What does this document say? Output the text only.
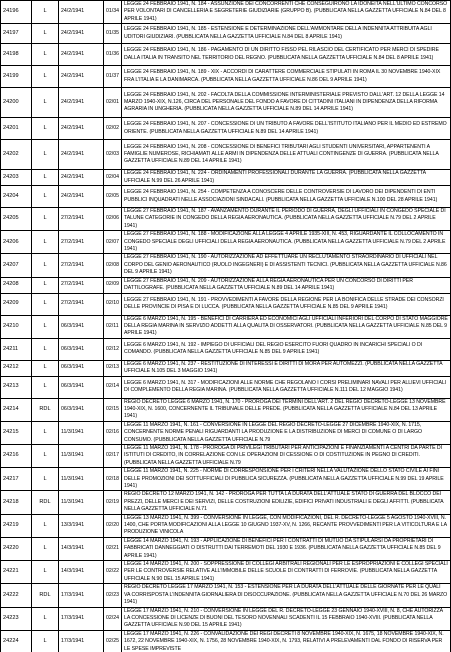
24196	L	24/2/1941	01/34	LEGGE 24 FEBBRAIO 1941, N. 184 - ASSUNZIONE DEI CONCORRENTI CHE CONSEGUIRONO LA IDONEITA NELL'ULTIMO CONCORSO PER VOLONTARI DI CANCELLERIA E SEGRETERIE GIUDIZIARIE (GRUPPO B). (PUBBLICATA NELLA GAZZETTA UFFICIALE N.84 DEL 8 APRILE 1941)
24197	L	24/2/1941	01/35	LEGGE 24 FEBBRAIO 1941, N. 185 - ESTENSIONE E DETERMINAZIONE DELL'AMMONTARE DELLA INDENNITA ATTRIBUITA AGLI UDITORI GIUDIZIARI. (PUBBLICATA NELLA GAZZETTA UFFICIALE N.84 DEL 8 APRILE 1941)
24198	L	24/2/1941	01/36	LEGGE 24 FEBBRAIO 1941, N. 186 - PAGAMENTO DI UN DIRITTO FISSO PEL RILASCIO DEL CERTIFICATO PER MERCI DI SPEDIRE DALLA ITALIA IN TRANSITO NEL TERRITORIO DEL REGNO. (PUBBLICATA NELLA GAZZETTA UFFICIALE N.84 DEL 8 APRILE 1941)
24199	L	24/2/1941	01/37	LEGGE 24 FEBBRAIO 1941, N. 189 - XIX - ACCORDI DI CARATTERE COMMERCIALE STIPULATI IN ROMA IL 30 NOVEMBRE 1940-XIX FRA L'ITALIA E LA DANIMARCA. (PUBBLICATA NELLA GAZZETTA UFFICIALE N.86 DEL 9 APRILE 1941)
24200	L	24/2/1941	02/01	LEGGE 24 FEBBRAIO 1941, N. 202 - FACOLTA DELLA COMMISSIONE INTERMINISTERIALE PREVISTO DALL'ART. 12 DELLA LEGGE 14 MARZO 1940-XIX, N.126, CIRCA DEL PERSONALE DEL FONDO A FAVORE DI CITTADINI ITALIANI IN DIPENDENZA DELLA RIFORMA AGRARIA IN UNGHERIA. (PUBBLICATA NELLA GAZZETTA UFFICIALE N.89 DEL 14 APRILE 1941)
24201	L	24/2/1941	02/02	LEGGE 24 FEBBRAIO 1941, N. 207 - CONCESSIONE DI UN TRIBUTO A FAVORE DELL'ISTITUTO ITALIANO PER IL MEDIO ED ESTREMO ORIENTE. (PUBBLICATA NELLA GAZZETTA UFFICIALE N.89 DEL 14 APRILE 1941)
24202	L	24/2/1941	02/03	LEGGE 24 FEBBRAIO 1941, N. 208 - CONCESSIONE DI BENEFICI TRIBUTARI AGLI STUDENTI UNIVERSITARI, APPARTENENTI A FAMIGLIE NUMEROSE, RICHIAMATI ALLE ARMI IN DIPENDENZA DELLE ATTUALI CONTINGENZE DI GUERRA. (PUBBLICATA NELLA GAZZETTA UFFICIALE N.89 DEL 14 APRILE 1941)
24203	L	24/2/1941	02/04	LEGGE 24 FEBBRAIO 1941, N. 224 - ORDINAMENTI PROFESSIONALI DURANTE LA GUERRA. (PUBBLICATA NELLA GAZZETTA UFFICIALE N.99 DEL 26 APRILE 1941)
24204	L	24/2/1941	02/05	LEGGE 24 FEBBRAIO 1941, N. 254 - COMPETENZA A CONOSCERE DELLE CONTROVERSIE DI LAVORO DEI DIPENDENTI DI ENTI PUBBLICI INQUADRATI NELLE ASSOCIAZIONI SINDACALI. (PUBBLICATA NELLA GAZZETTA UFFICIALE N.100 DEL 28 APRILE 1941)
24205	L	27/2/1941	02/06	LEGGE 27 FEBBRAIO 1941, N. 187 - AVANZAMENTO DURANTE IL PERIODO DI GUERRA, DEGLI UFFICIALI IN CONGEDO SPECIALE DI TALUNE CATEGORIE IN CONGEDO DELLA REGIA AERONAUTICA. (PUBBLICATA NELLA GAZZETTA UFFICIALE N.79 DEL 2 APRILE 1941)
24206	L	27/2/1941	02/07	LEGGE 27 FEBBRAIO 1941, N. 188 - MODIFICAZIONE ALLA LEGGE 4 APRILE 1935-XIII, N. 453, RIGUARDANTE IL COLLOCAMENTO IN CONGEDO SPECIALE DEGLI UFFICIALI DELLA REGIA AERONAUTICA. (PUBBLICATA NELLA GAZZETTA UFFICIALE N.79 DEL 2 APRILE 1941)
24207	L	27/2/1941	02/08	LEGGE 27 FEBBRAIO 1941, N. 190 - AUTORIZZAZIONE AD EFFETTUARE UN RECLUTAMENTO STRAORDINARIO DI UFFICIALI NEL CORPO DEL GENIO AERONAUTICO (RUOLO INGEGNERI) E DI ASSISTENTI TECNICI. (PUBBLICATA NELLA GAZZETTA UFFICIALE N.86 DEL 9 APRILE 1941)
24208	L	27/2/1941	02/09	LEGGE 27 FEBBRAIO 1941, N. 209 - AUTORIZZAZIONE ALLA REGIA AERONAUTICA PER UN CONCORSO DI DIRITTI PER DATTILOGRAFE. (PUBBLICATA NELLA GAZZETTA UFFICIALE N.89 DEL 14 APRILE 1941)
24209	L	27/2/1941	02/10	LEGGE 27 FEBBRAIO 1941, N. 191 - PROVVEDIMENTI A FAVORE DELLA REGIONE PER LA BONIFICA DELLE STRADE DEI CONSORZI DELLE PROVINCIE DI PISA E DI LUCCA. (PUBBLICATA NELLA GAZZETTA UFFICIALE N.85 DEL 9 APRILE 1941)
24210	L	06/3/1941	02/11	LEGGE 6 MARZO 1941, N. 195 - BENEFICI DI CARRIERA ED ECONOMICI AGLI UFFICIALI INFERIORI DEL CORPO DI STATO MAGGIORE DELLA REGIA MARINA IN SERVIZIO ADDETTI ALLA QUALITA DI OSSERVATORI. (PUBBLICATA NELLA GAZZETTA UFFICIALE N.85 DEL 9 APRILE 1941)
24211	L	06/3/1941	02/12	LEGGE 6 MARZO 1941, N. 192 - IMPIEGO DI UFFICIALI DEL REGIO ESERCITO FUORI QUADRO IN INCARICHI SPECIALI O DI COMANDO. (PUBBLICATA NELLA GAZZETTA UFFICIALE N.85 DEL 9 APRILE 1941)
24212	L	06/3/1941	02/13	LEGGE 6 MARZO 1941, N. 237 - RESTITUZIONE DI INTERESSI E DIRITTI DI MORA PER AUTOMEZZI. (PUBBLICATA NELLA GAZZETTA UFFICIALE N.105 DEL 3 MAGGIO 1941)
24213	L	06/3/1941	02/14	LEGGE 6 MARZO 1941, N. 317 - MODIFICAZIONI ALLE NORME CHE REGOLANO I CORSI PRELIMINARI NAVALI PER ALLIEVI UFFICIALI DI COMPLEMENTO DELLA REGIA MARINA. (PUBBLICATA NELLA GAZZETTA UFFICIALE N.111 DEL 12 MAGGIO 1941)
24214	RDL	06/3/1941	02/15	REGIO DECRETO LEGGE 6 MARZO 1941, N. 170 - PROROGA DEI TERMINI DELL'ART. 2 DEL REGIO DECRETO-LEGGE 13 NOVEMBRE 1940-XIX, N. 1600, CONCERNENTE IL TRIBUNALE DELLE PREDE. (PUBBLICATA NELLA GAZZETTA UFFICIALE N.84 DEL 13 APRILE 1941)
24215	L	11/3/1941	02/16	LEGGE 11 MARZO 1941, N. 161 - CONVERSIONE IN LEGGE DEL REGIO DECRETO-LEGGE 27 DICEMBRE 1940-XIX, N. 1715, CONCERNENTE NORME PENALI RIGUARDANTI LA PRODUZIONE E LA DISTRIBUZIONE DI MERCI DI COMUNE O DI LARGO CONSUMO. (PUBBLICATA NELLA GAZZETTA UFFICIALE N.79
24216	L	11/3/1941	02/17	LEGGE 11 MARZO 1941, N. 178 - PROROGA DI PRIVILEGI TRIBUTARI PER ANTICIPAZIONI E FINANZIAMENTI A CENTRI DA PARTE DI ISTITUTI DI CREDITO, IN CORRELAZIONE CON LE OPERAZIONI DI CESSIONE O DI COSTITUZIONE IN PEGNO DI CREDITI. (PUBBLICATA NELLA GAZZETTA UFFICIALE N.79
24217	L	11/3/1941	02/18	LEGGE 11 MARZO 1941, N. 225 - NORME DI CORRESPONSIONE PER I CRITERI NELLA VALUTAZIONE DELLO STATO CIVILE AI FINI DELLE PROMOZIONI DEI SOTTUFFICIALI DI PUBBLICA SICUREZZA. (PUBBLICATA NELLA GAZZETTA UFFICIALE N.99 DEL 19 APRILE 1941)
24218	RDL	11/3/1941	02/19	REGIO DECRETO 12 MARZO 1941, N. 142 - PROROGA PER TUTTA LA DURATA DELL'ATTUALE STATO DI GUERRA DEL BLOCCO DEI PREZZI, DELLE MERCI E DEI SERVIZI, DELLE COSTRUZIONI EDILIZIE, EDIFICI PRIVATI INDUSTRIALI E DEGLI AFFITTI. (PUBBLICATA NELLA GAZZETTA UFFICIALE N.71
24219	L	13/3/1941	02/20	LEGGE 13 MARZO 1941, N. 399 - CONVERSIONE IN LEGGE, CON MODIFICAZIONI, DEL R. DECRETO-LEGGE 5 AGOSTO 1940-XVIII, N. 1400, CHE PORTA MODIFICAZIONI ALLA LEGGE 10 GIUGNO 1937-XV, N. 1266, RECANTE PROVVEDIMENTI PER LA VITICOLTURA E LA PRODUZIONE VINICOLA
24220	L	14/3/1941	02/21	LEGGE 14 MARZO 1941, N. 193 - APPLICAZIONE DI BENEFICI PER I CONTRATTI DI MUTUO DA STIPULARSI DA PROPRIETARI DI FABBRICATI DANNEGGIATI O DISTRUTTI DAI TERREMOTI DEL 1930 E 1936. (PUBBLICATA NELLA GAZZETTA UFFICIALE N.85 DEL 9 APRILE 1941)
24221	L	14/3/1941	02/22	LEGGE 14 MARZO 1941, N. 200 - SOPPRESSIONE DI COLLEGI ARBITRALI REGIONALI PER LE ESPROPRIAZIONI E COLLEGI SPECIALI PER LE CONTROVERSIE RELATIVE ALL'IMMOBILE DELLE SCUOLE DI CONTRATTI DI FERROVIE. (PUBBLICATA NELLA GAZZETTA UFFICIALE N.90 DEL 15 APRILE 1941)
24222	RDL	17/3/1941	02/23	REGIO DECRETO LEGGE 17 MARZO 1941, N. 153 - ESTENSIONE PER LA DURATA DELL'ATTUALE DELLE GIORNATE PER LE QUALI VA CORRISPOSTA L'INDENNITA GIORNALIERA DI DISOCCUPAZIONE. (PUBBLICATA NELLA GAZZETTA UFFICIALE N.70 DEL 26 MARZO 1941)
24223	L	17/3/1941	02/24	LEGGE 17 MARZO 1941, N. 210 - CONVERSIONE IN LEGGE DEL R. DECRETO-LEGGE 23 GENNAIO 1940-XVIII, N. 8, CHE AUTORIZZA LA CONCESSIONE DI LICENZE DI BUONI DEL TESORO NOVENNALI SCADENTI IL 15 FEBBRAIO 1940-XVIII. (PUBBLICATA NELLA GAZZETTA UFFICIALE N.90 DEL 15 APRILE 1941)
24224	L	17/3/1941	02/25	LEGGE 17 MARZO 1941, N. 226 - CONVALIDAZIONE DEI REGI DECRETI 8 NOVEMBRE 1940-XIX, N. 1675, 18 NOVEMBRE 1940-XIX, N. 1672, 22 NOVEMBRE 1940-XIX, N. 1756, 28 NOVEMBRE 1940-XIX, N. 1793, RELATIVI A PRELEVAMENTI DAL FONDO DI RISERVA PER LE SPESE IMPREVISTE
